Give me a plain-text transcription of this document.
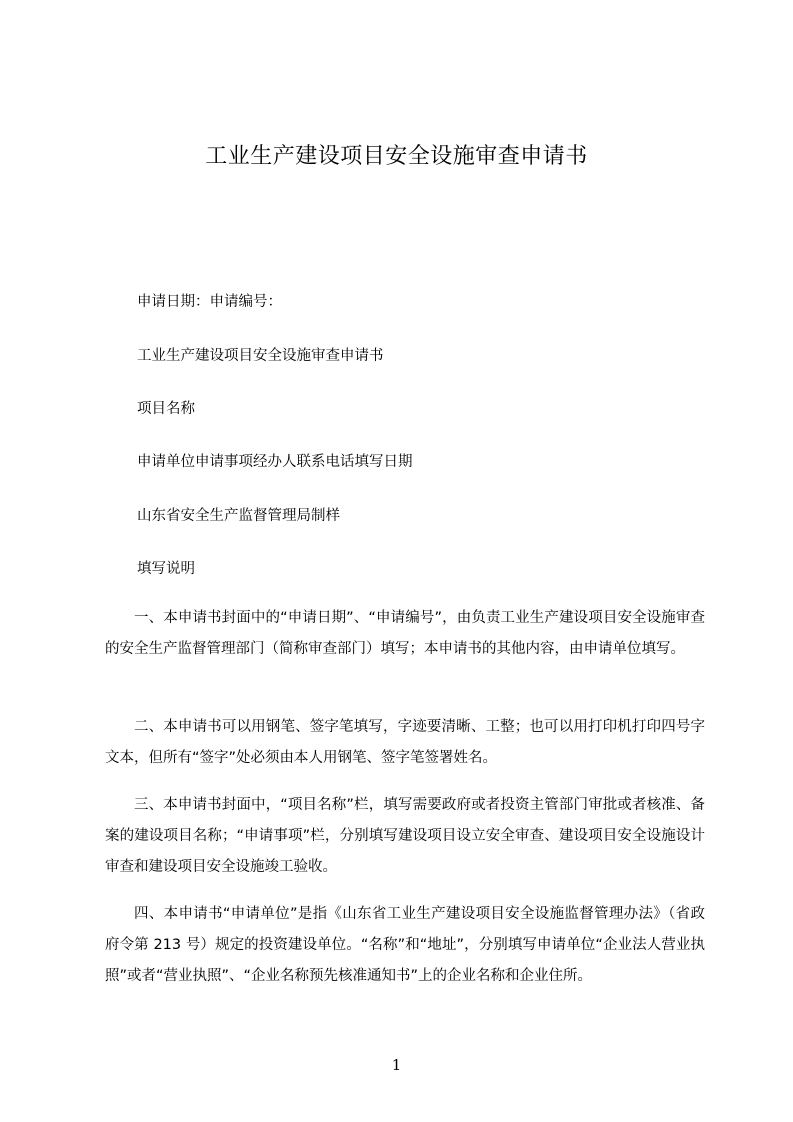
工业生产建设项目安全设施审查申请书
申请日期：申请编号：
工业生产建设项目安全设施审查申请书
项目名称
申请单位申请事项经办人联系电话填写日期
山东省安全生产监督管理局制样
填写说明
一、本申请书封面中的“申请日期”、“申请编号”，由负责工业生产建设项目安全设施审查的安全生产监督管理部门（简称审查部门）填写；本申请书的其他内容，由申请单位填写。
二、本申请书可以用钢笔、签字笔填写，字迹要清晰、工整；也可以用打印机打印四号字文本，但所有“签字”处必须由本人用钢笔、签字笔签署姓名。
三、本申请书封面中，“项目名称”栏，填写需要政府或者投资主管部门审批或者核准、备案的建设项目名称；“申请事项”栏，分别填写建设项目设立安全审查、建设项目安全设施设计审查和建设项目安全设施竣工验收。
四、本申请书“申请单位”是指《山东省工业生产建设项目安全设施监督管理办法》（省政府令第 213 号）规定的投资建设单位。“名称”和“地址”，分别填写申请单位“企业法人营业执照”或者“营业执照”、“企业名称预先核准通知书”上的企业名称和企业住所。
1
